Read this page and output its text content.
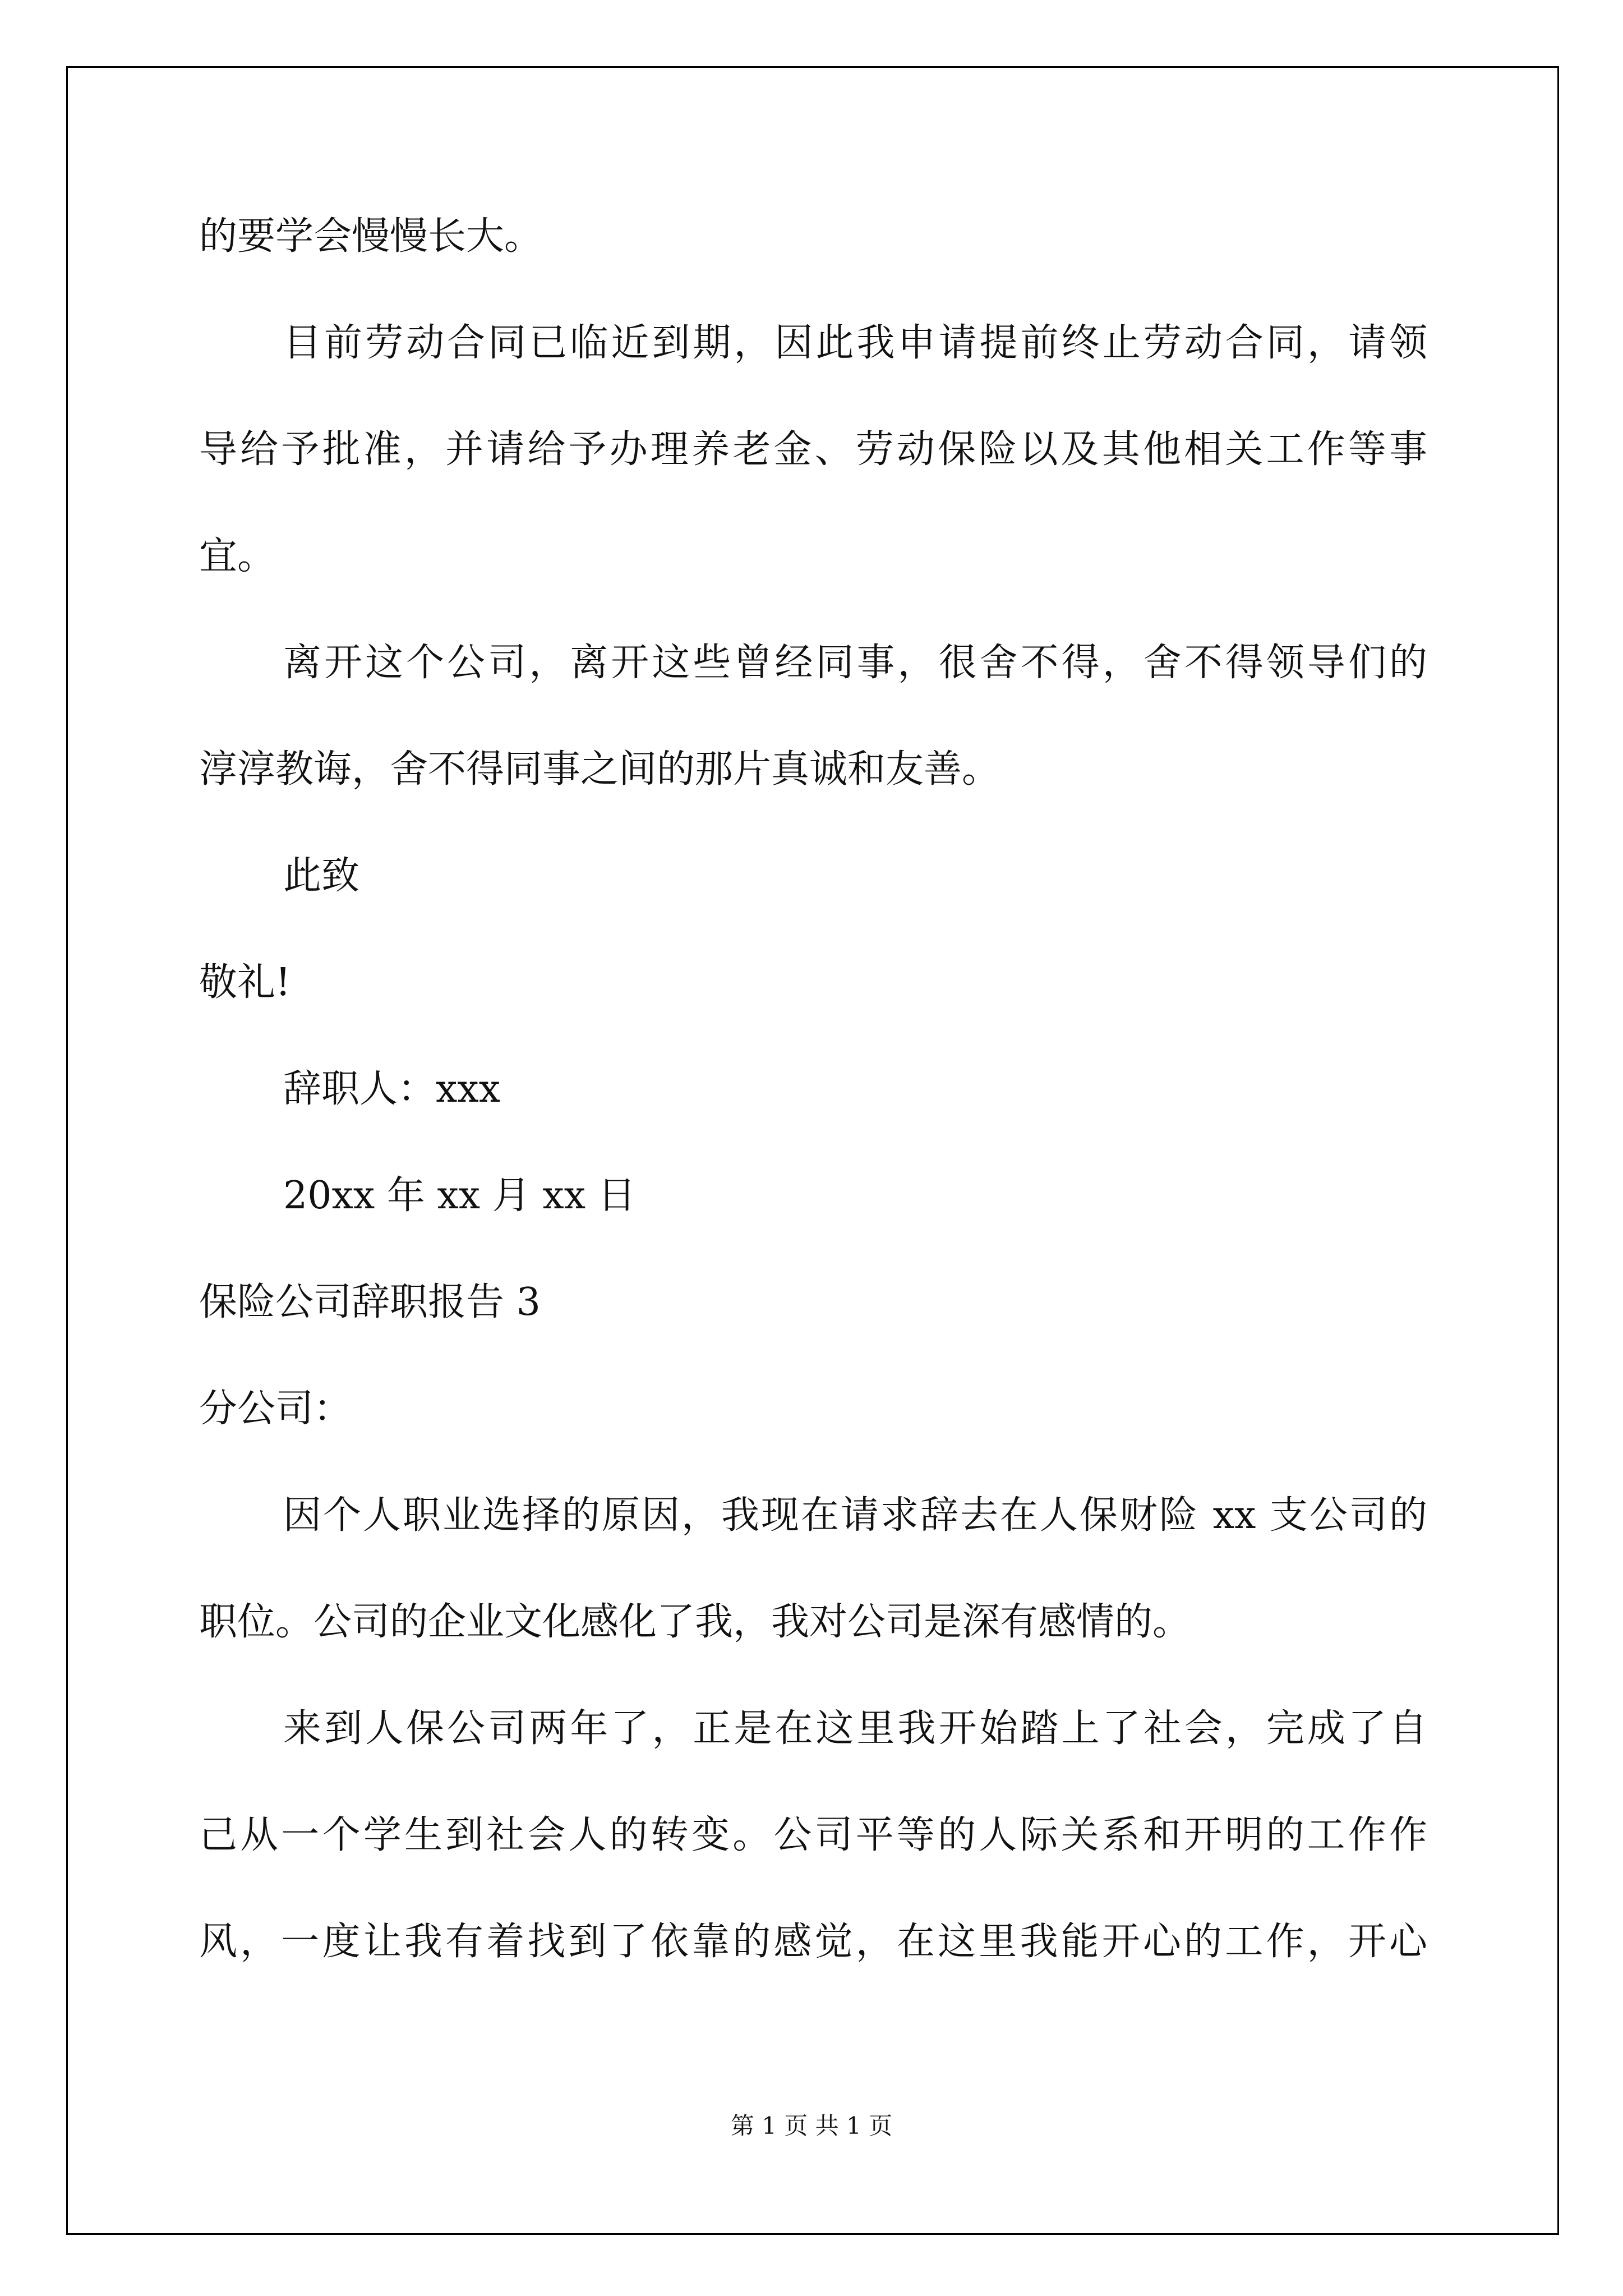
的要学会慢慢长大。
目前劳动合同已临近到期，因此我申请提前终止劳动合同，请领
导给予批准，并请给予办理养老金、劳动保险以及其他相关工作等事
宜。
离开这个公司，离开这些曾经同事，很舍不得，舍不得领导们的
淳淳教诲，舍不得同事之间的那片真诚和友善。
此致
敬礼!
辞职人：xxx
20xx 年 xx 月 xx 日
保险公司辞职报告 3
分公司：
因个人职业选择的原因，我现在请求辞去在人保财险 xx 支公司的
职位。公司的企业文化感化了我，我对公司是深有感情的。
来到人保公司两年了，正是在这里我开始踏上了社会，完成了自
己从一个学生到社会人的转变。公司平等的人际关系和开明的工作作
风，一度让我有着找到了依靠的感觉，在这里我能开心的工作，开心
第 1 页 共 1 页
